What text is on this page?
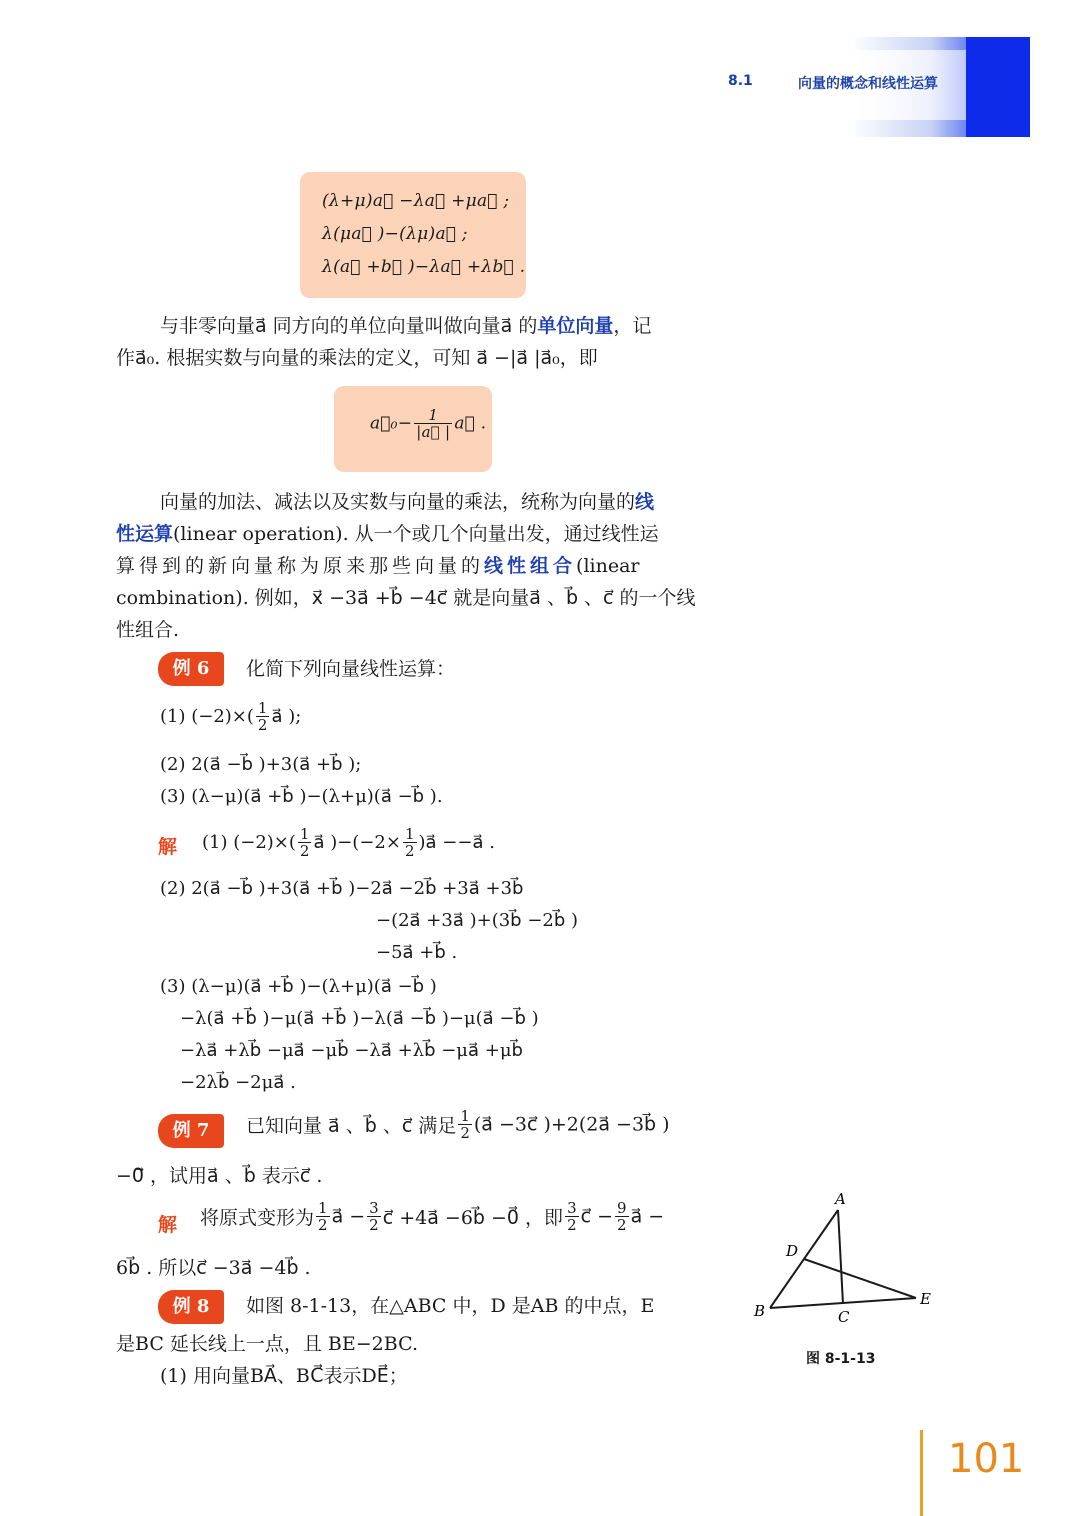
8.1	向量的概念和线性运算
(λ+μ)a⃗ −λa⃗ +μa⃗ ;
λ(μa⃗ )−(λμ)a⃗ ;
λ(a⃗ +b⃗ )−λa⃗ +λb⃗ .
与非零向量a⃗ 同方向的单位向量叫做向量a⃗ 的单位向量，记
作a⃗₀. 根据实数与向量的乘法的定义，可知 a⃗ −|a⃗ |a⃗₀，即
a⃗₀− $\frac{1}{|a⃗ |}$ a⃗ .
向量的加法、减法以及实数与向量的乘法，统称为向量的线
性运算(linear operation). 从一个或几个向量出发，通过线性运
算得到的新向量称为原来那些向量的线性组合(linear
combination). 例如，x⃗ −3a⃗ +b⃗ −4c⃗ 就是向量a⃗ 、b⃗ 、c⃗ 的一个线
性组合.
例 6	化简下列向量线性运算：
(1) $(-2)\times( \frac{1}{2}$ a⃗ );
(2) 2(a⃗ −b⃗ )+3(a⃗ +b⃗ );
(3) (λ−μ)(a⃗ +b⃗ )−(λ+μ)(a⃗ −b⃗ ).
解 (1) $(-2)\times( \frac{1}{2}$ a⃗ )$-(-2\times \frac{1}{2}$ )a⃗ −−a⃗ .
(2) 2(a⃗ −b⃗ )+3(a⃗ +b⃗ )−2a⃗ −2b⃗ +3a⃗ +3b⃗
−(2a⃗ +3a⃗ )+(3b⃗ −2b⃗ )
−5a⃗ +b⃗ .
(3) (λ−μ)(a⃗ +b⃗ )−(λ+μ)(a⃗ −b⃗ )
−λ(a⃗ +b⃗ )−μ(a⃗ +b⃗ )−λ(a⃗ −b⃗ )−μ(a⃗ −b⃗ )
−λa⃗ +λb⃗ −μa⃗ −μb⃗ −λa⃗ +λb⃗ −μa⃗ +μb⃗
−2λb⃗ −2μa⃗ .
例 7	已知向量 a⃗ 、b⃗ 、c⃗ 满足 $\frac{1}{2}$ (a⃗ −3c⃗ )+2(2a⃗ −3b⃗ )
−0⃗ ，试用a⃗ 、b⃗ 表示c⃗ .
解 将原式变形为 $\frac{1}{2}$ a⃗ − $\frac{3}{2}$ c⃗ +4a⃗ −6b⃗ −0⃗ ，即 $\frac{3}{2}$ c⃗ − $\frac{9}{2}$ a⃗ −
6b⃗ . 所以c⃗ −3a⃗ −4b⃗ .
例 8	如图 8-1-13，在△ABC 中，D 是AB 的中点，E
是BC 延长线上一点，且 BE−2BC.
(1) 用向量BA⃗、BC⃗表示DE⃗；
A
B	C
D
E
图 8-1-13
101
